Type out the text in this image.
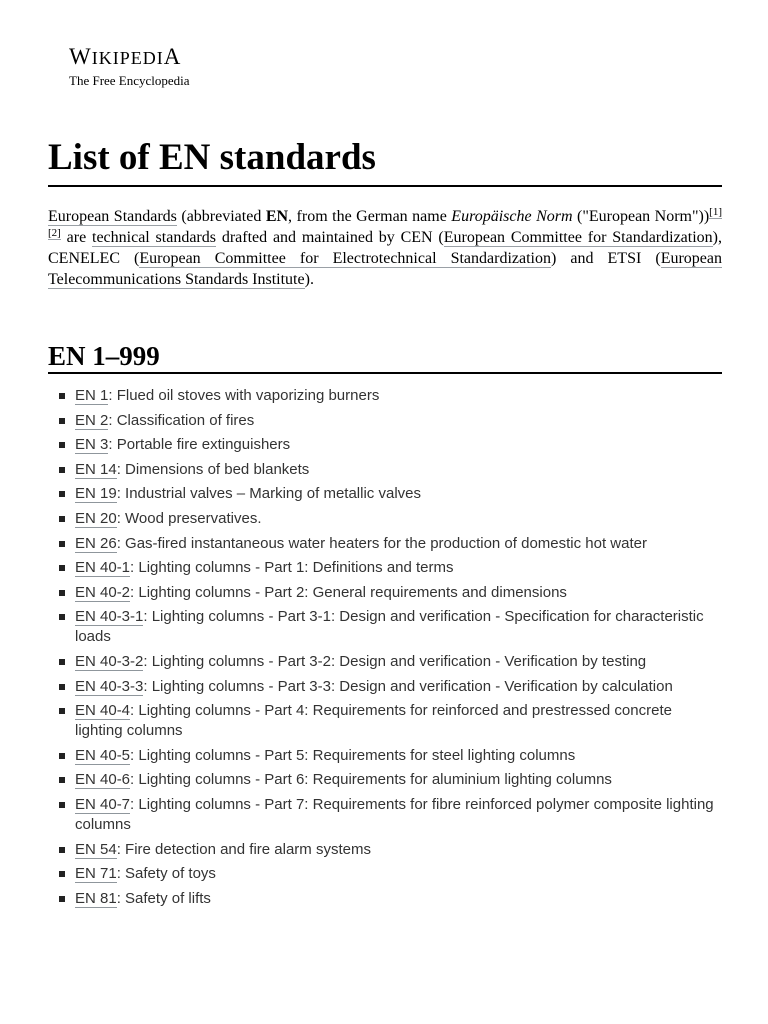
WIKIPEDIA
The Free Encyclopedia
List of EN standards

European Standards (abbreviated EN, from the German name Europäische Norm ("European Norm"))[1][2] are technical standards drafted and maintained by CEN (European Committee for Standardization), CENELEC (European Committee for Electrotechnical Standardization) and ETSI (European Telecommunications Standards Institute).

EN 1–999
EN 1: Flued oil stoves with vaporizing burners
EN 2: Classification of fires
EN 3: Portable fire extinguishers
EN 14: Dimensions of bed blankets
EN 19: Industrial valves – Marking of metallic valves
EN 20: Wood preservatives.
EN 26: Gas-fired instantaneous water heaters for the production of domestic hot water
EN 40-1: Lighting columns - Part 1: Definitions and terms
EN 40-2: Lighting columns - Part 2: General requirements and dimensions
EN 40-3-1: Lighting columns - Part 3-1: Design and verification - Specification for characteristic loads
EN 40-3-2: Lighting columns - Part 3-2: Design and verification - Verification by testing
EN 40-3-3: Lighting columns - Part 3-3: Design and verification - Verification by calculation
EN 40-4: Lighting columns - Part 4: Requirements for reinforced and prestressed concrete lighting columns
EN 40-5: Lighting columns - Part 5: Requirements for steel lighting columns
EN 40-6: Lighting columns - Part 6: Requirements for aluminium lighting columns
EN 40-7: Lighting columns - Part 7: Requirements for fibre reinforced polymer composite lighting columns
EN 54: Fire detection and fire alarm systems
EN 71: Safety of toys
EN 81: Safety of lifts
